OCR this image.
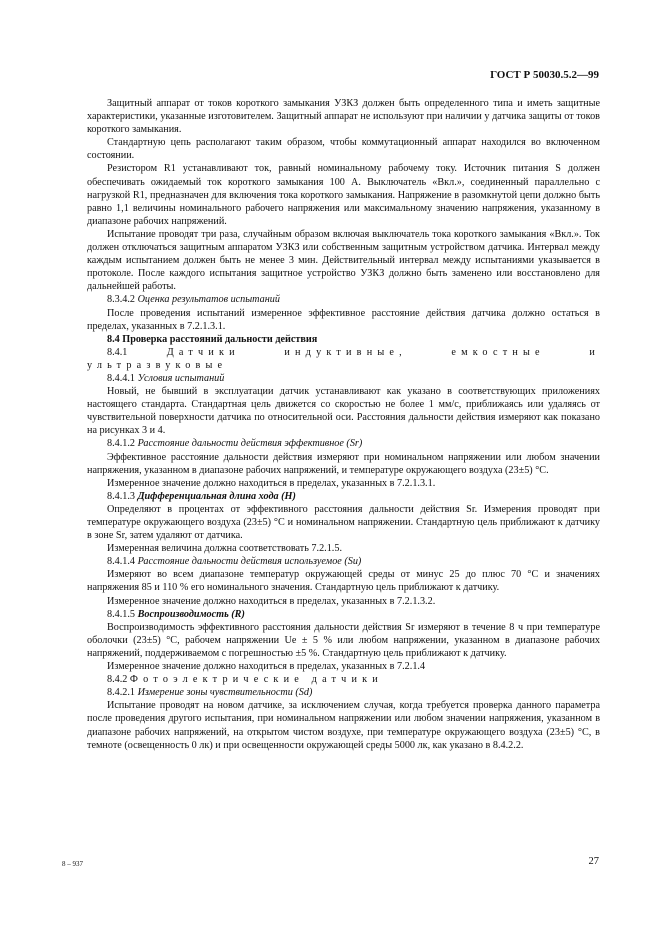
ГОСТ Р 50030.5.2—99

Защитный аппарат от токов короткого замыкания УЗКЗ должен быть определенного типа и иметь защитные характеристики, указанные изготовителем. Защитный аппарат не используют при наличии у датчика защиты от токов короткого замыкания.

Стандартную цепь располагают таким образом, чтобы коммутационный аппарат находился во включенном состоянии.

Резистором R1 устанавливают ток, равный номинальному рабочему току. Источник питания S должен обеспечивать ожидаемый ток короткого замыкания 100 А. Выключатель «Вкл.», соединенный параллельно с нагрузкой R1, предназначен для включения тока короткого замыкания. Напряжение в разомкнутой цепи должно быть равно 1,1 величины номинального рабочего напряжения или максимальному значению напряжения, указанному в диапазоне рабочих напряжений.

Испытание проводят три раза, случайным образом включая выключатель тока короткого замыкания «Вкл.». Ток должен отключаться защитным аппаратом УЗКЗ или собственным защитным устройством датчика. Интервал между каждым испытанием должен быть не менее 3 мин. Действительный интервал между испытаниями указывается в протоколе. После каждого испытания защитное устройство УЗКЗ должно быть заменено или восстановлено для дальнейшей работы.

8.3.4.2 Оценка результатов испытаний

После проведения испытаний измеренное эффективное расстояние действия датчика должно остаться в пределах, указанных в 7.2.1.3.1.

8.4 Проверка расстояний дальности действия

8.4.1	Датчики индуктивные, емкостные и ультразвуковые

8.4.4.1 Условия испытаний

Новый, не бывший в эксплуатации датчик устанавливают как указано в соответствующих приложениях настоящего стандарта. Стандартная цель движется со скоростью не более 1 мм/с, приближаясь или удаляясь от чувствительной поверхности датчика по относительной оси. Расстояния дальности действия измеряют как показано на рисунках 3 и 4.

8.4.1.2 Расстояние дальности действия эффективное (Sr)

Эффективное расстояние дальности действия измеряют при номинальном напряжении или любом значении напряжения, указанном в диапазоне рабочих напряжений, и температуре окружающего воздуха (23±5) °С.

Измеренное значение должно находиться в пределах, указанных в 7.2.1.3.1.

8.4.1.3 Дифференциальная длина хода (H)

Определяют в процентах от эффективного расстояния дальности действия Sr. Измерения проводят при температуре окружающего воздуха (23±5) °С и номинальном напряжении. Стандартную цель приближают к датчику в зоне Sr, затем удаляют от датчика.

Измеренная величина должна соответствовать 7.2.1.5.

8.4.1.4 Расстояние дальности действия используемое (Su)

Измеряют во всем диапазоне температур окружающей среды от минус 25 до плюс 70 °С и значениях напряжения 85 и 110 % его номинального значения. Стандартную цель приближают к датчику.

Измеренное значение должно находиться в пределах, указанных в 7.2.1.3.2.

8.4.1.5 Воспроизводимость (R)

Воспроизводимость эффективного расстояния дальности действия Sr измеряют в течение 8 ч при температуре оболочки (23±5) °С, рабочем напряжении Ue ± 5 % или любом напряжении, указанном в диапазоне рабочих напряжений, поддерживаемом с погрешностью ±5 %. Стандартную цель приближают к датчику.

Измеренное значение должно находиться в пределах, указанных в 7.2.1.4

8.4.2 Фотоэлектрические датчики

8.4.2.1 Измерение зоны чувствительности (Sd)

Испытание проводят на новом датчике, за исключением случая, когда требуется проверка данного параметра после проведения другого испытания, при номинальном напряжении или любом значении напряжения, указанном в диапазоне рабочих напряжений, на открытом чистом воздухе, при температуре окружающего воздуха (23±5) °С, в темноте (освещенность 0 лк) и при освещенности окружающей среды 5000 лк, как указано в 8.4.2.2.

8 – 937	27
